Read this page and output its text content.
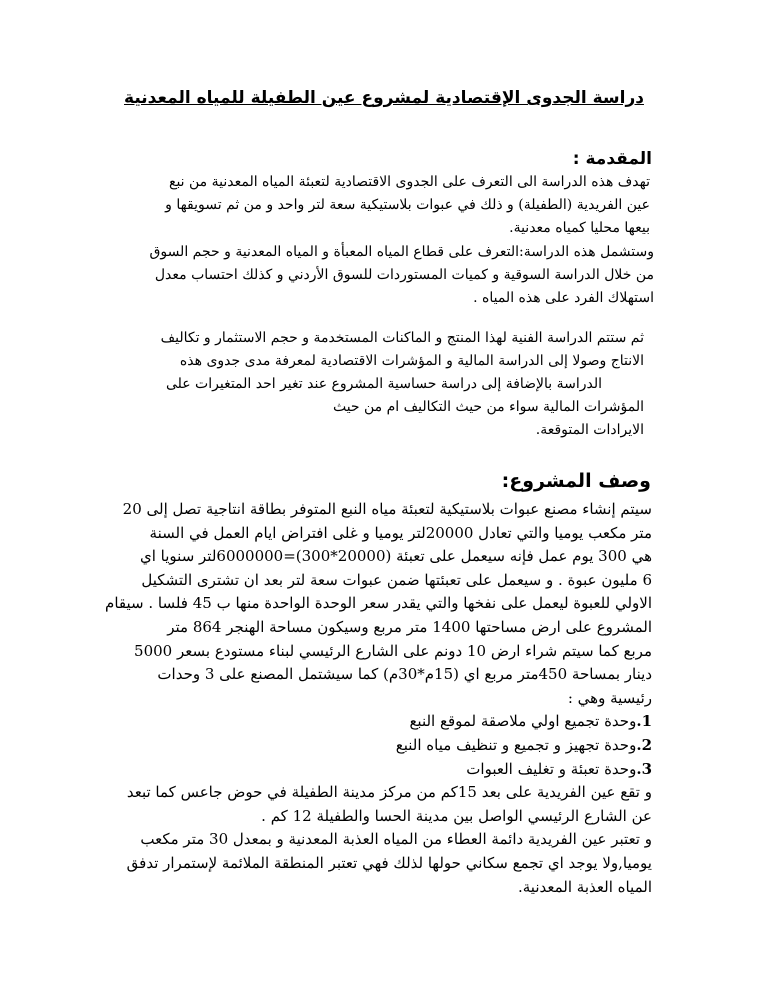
دراسة الجدوى الإقتصادية لمشروع عين الطفيلة للمياه المعدنية
المقدمة :
تهدف هذه الدراسة الى التعرف على الجدوى الاقتصادية لتعبئة المياه المعدنية من نبع
عين الفريدية (الطفيلة) و ذلك في عبوات بلاستيكية سعة لتر واحد و من ثم تسويقها و
بيعها محليا كمياه معدنية.
وستشمل هذه الدراسة:التعرف على قطاع المياه المعبأة و المياه المعدنية و حجم السوق
من خلال الدراسة السوقية و كميات المستوردات للسوق الأردني و كذلك احتساب معدل
استهلاك الفرد على هذه المياه .
ثم ستتم الدراسة الفنية لهذا المنتج و الماكنات المستخدمة و حجم الاستثمار و تكاليف
الانتاج وصولا إلى الدراسة المالية و المؤشرات الاقتصادية لمعرفة مدى جدوى هذه
الدراسة بالإضافة إلى دراسة حساسية المشروع عند تغير احد المتغيرات على
المؤشرات المالية سواء من حيث التكاليف ام من حيث
الايرادات المتوقعة.
وصف المشروع:
سيتم إنشاء مصنع عبوات بلاستيكية لتعبئة مياه النبع المتوفر بطاقة انتاجية تصل إلى 20
متر مكعب يوميا والتي تعادل 20000لتر يوميا و غلى افتراض ايام العمل في السنة
هي 300 يوم عمل فإنه سيعمل على تعبئة (20000*300)=6000000لتر سنويا اي
6 مليون عبوة . و سيعمل على تعبئتها ضمن عبوات سعة لتر بعد ان تشترى التشكيل
الاولي للعبوة ليعمل على نفخها والتي يقدر سعر الوحدة الواحدة منها ب 45 فلسا . سيقام
المشروع على ارض مساحتها 1400 متر مربع وسيكون مساحة الهنجر 864 متر
مربع كما سيتم شراء ارض 10 دونم على الشارع الرئيسي لبناء مستودع بسعر 5000
دينار بمساحة 450متر مربع اي (15م*30م) كما سيشتمل المصنع على 3 وحدات
رئيسية وهي :
1.وحدة تجميع اولي ملاصقة لموقع النبع
2.وحدة تجهيز و تجميع و تنظيف مياه النبع
3.وحدة تعبئة و تغليف العبوات
و تقع عين الفريدية على بعد 15كم من مركز مدينة الطفيلة في حوض جاعس كما تبعد
عن الشارع الرئيسي الواصل بين مدينة الحسا والطفيلة 12 كم .
و تعتبر عين الفريدية دائمة العطاء من المياه العذبة المعدنية و بمعدل 30 متر مكعب
يوميا,ولا يوجد اي تجمع سكاني حولها لذلك فهي تعتبر المنطقة الملائمة لإستمرار تدفق
المياه العذبة المعدنية.
